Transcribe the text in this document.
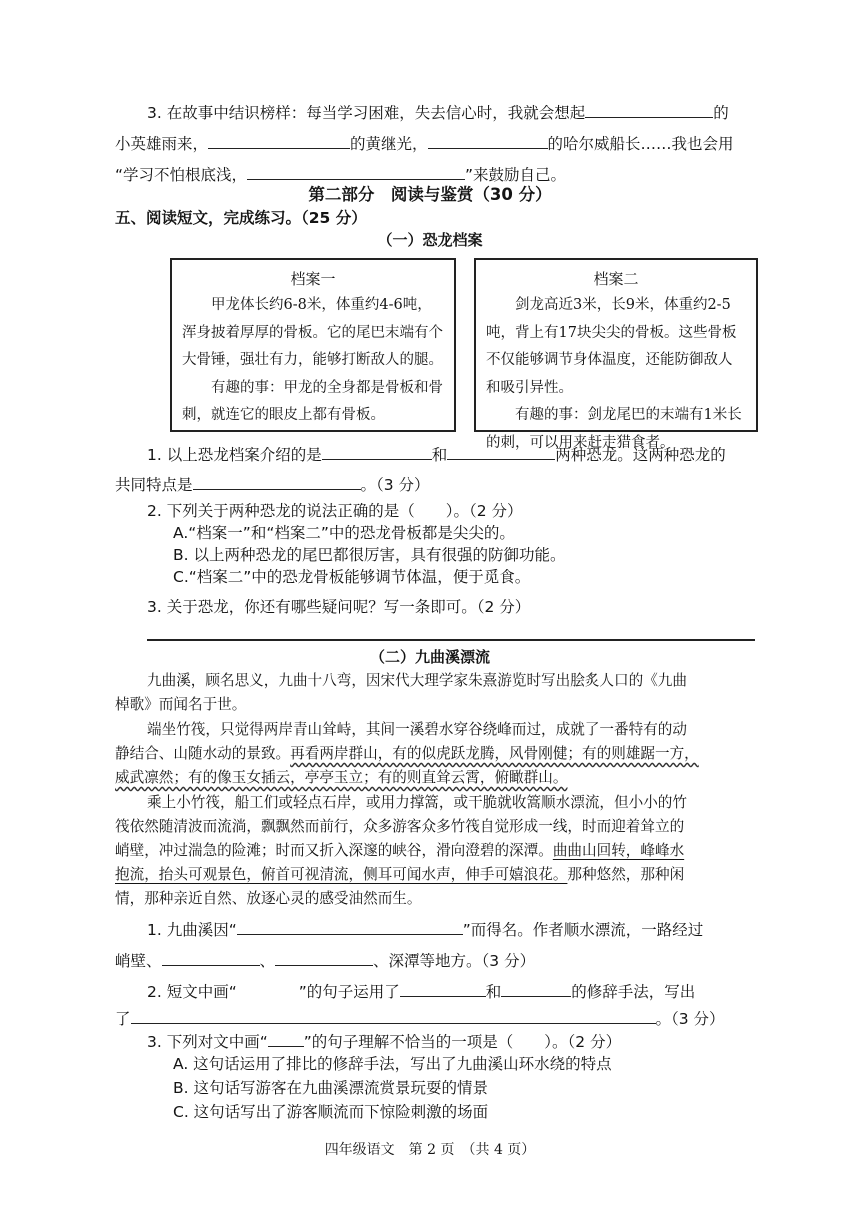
3. 在故事中结识榜样：每当学习困难，失去信心时，我就会想起	的
小英雄雨来，	的黄继光，	的哈尔威船长……我也会用
“学习不怕根底浅，	”来鼓励自己。
第二部分　阅读与鉴赏（30 分）
五、阅读短文，完成练习。（25 分）
（一）恐龙档案
档案一
甲龙体长约6-8米，体重约4-6吨，浑身披着厚厚的骨板。它的尾巴末端有个大骨锤，强壮有力，能够打断敌人的腿。
有趣的事：甲龙的全身都是骨板和骨刺，就连它的眼皮上都有骨板。
档案二
剑龙高近3米，长9米，体重约2-5吨，背上有17块尖尖的骨板。这些骨板不仅能够调节身体温度，还能防御敌人和吸引异性。
有趣的事：剑龙尾巴的末端有1米长的刺，可以用来赶走猎食者。
1. 以上恐龙档案介绍的是	和	两种恐龙。这两种恐龙的
共同特点是	。（3 分）
2. 下列关于两种恐龙的说法正确的是（　　）。（2 分）
A.“档案一”和“档案二”中的恐龙骨板都是尖尖的。
B. 以上两种恐龙的尾巴都很厉害，具有很强的防御功能。
C.“档案二”中的恐龙骨板能够调节体温，便于觅食。
3. 关于恐龙，你还有哪些疑问呢？写一条即可。（2 分）
（二）九曲溪漂流
九曲溪，顾名思义，九曲十八弯，因宋代大理学家朱熹游览时写出脍炙人口的《九曲
棹歌》而闻名于世。
端坐竹筏，只觉得两岸青山耸峙，其间一溪碧水穿谷绕峰而过，成就了一番特有的动
静结合、山随水动的景致。再看两岸群山，有的似虎跃龙腾，风骨刚健；有的则雄踞一方，
威武凛然；有的像玉女插云，亭亭玉立；有的则直耸云霄，俯瞰群山。
乘上小竹筏，船工们或轻点石岸，或用力撑篙，或干脆就收篙顺水漂流，但小小的竹
筏依然随清波而流淌，飘飘然而前行，众多游客众多竹筏自觉形成一线，时而迎着耸立的
峭壁，冲过湍急的险滩；时而又折入深邃的峡谷，滑向澄碧的深潭。曲曲山回转，峰峰水
抱流，抬头可观景色，俯首可视清流，侧耳可闻水声，伸手可嬉浪花。那种悠然，那种闲
情，那种亲近自然、放逐心灵的感受油然而生。
1. 九曲溪因“	”而得名。作者顺水漂流，一路经过
峭壁、	、	、深潭等地方。（3 分）
2. 短文中画“	”的句子运用了	和	的修辞手法，写出
了	。（3 分）
3. 下列对文中画“ ”的句子理解不恰当的一项是（　　）。（2 分）
A. 这句话运用了排比的修辞手法，写出了九曲溪山环水绕的特点
B. 这句话写游客在九曲溪漂流赏景玩耍的情景
C. 这句话写出了游客顺流而下惊险刺激的场面
四年级语文　第 2 页　（共 4 页）
